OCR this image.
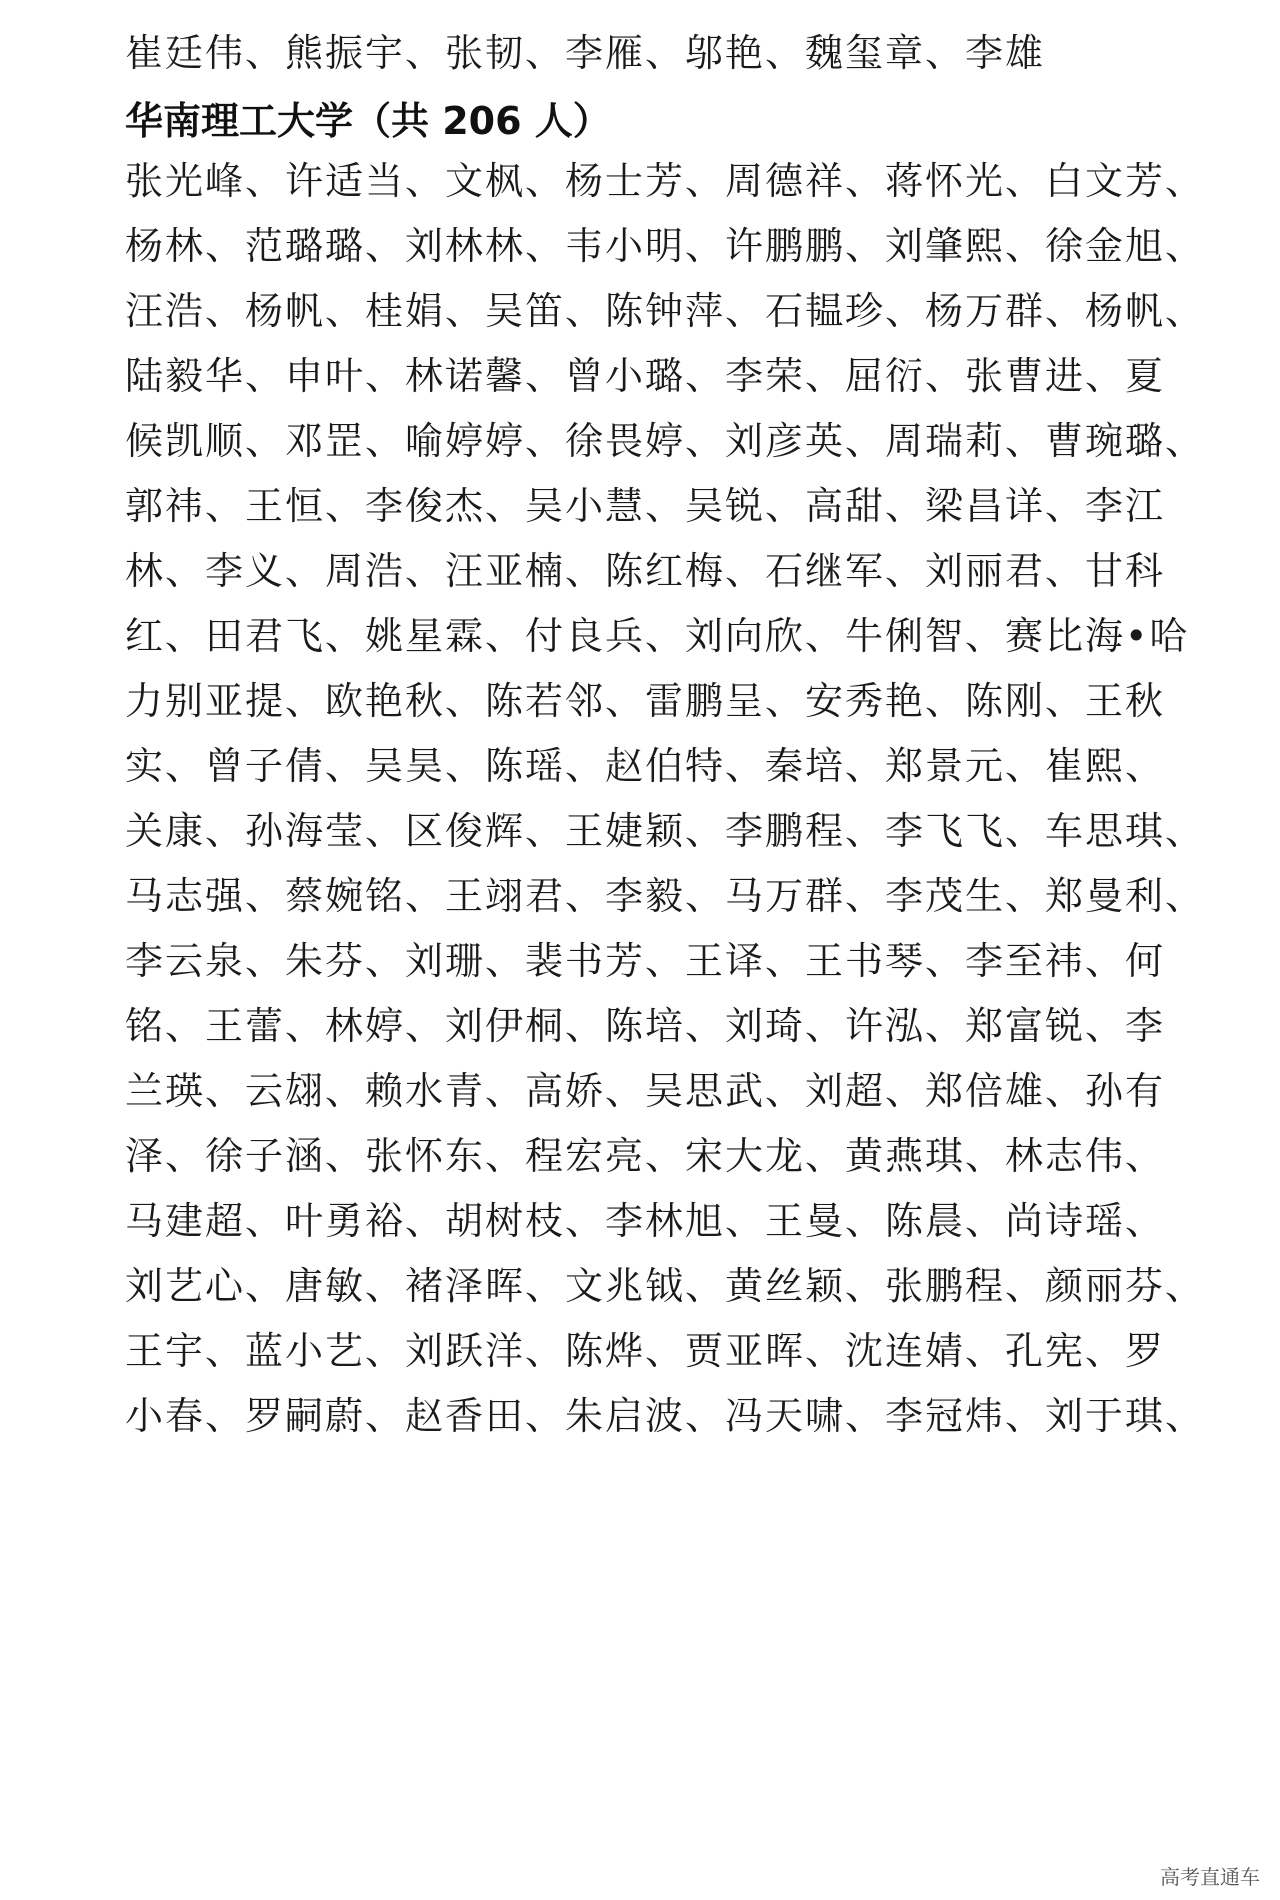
崔廷伟、熊振宇、张韧、李雁、邬艳、魏玺章、李雄
华南理工大学（共 206 人）
张光峰、许适当、文枫、杨士芳、周德祥、蒋怀光、白文芳、
杨林、范璐璐、刘林林、韦小明、许鹏鹏、刘肇熙、徐金旭、
汪浩、杨帆、桂娟、吴笛、陈钟萍、石韫珍、杨万群、杨帆、
陆毅华、申叶、林诺馨、曾小璐、李荣、屈衍、张曹进、夏
候凯顺、邓罡、喻婷婷、徐畏婷、刘彦英、周瑞莉、曹琬璐、
郭祎、王恒、李俊杰、吴小慧、吴锐、高甜、梁昌详、李江
林、李义、周浩、汪亚楠、陈红梅、石继军、刘丽君、甘科
红、田君飞、姚星霖、付良兵、刘向欣、牛俐智、赛比海•哈
力别亚提、欧艳秋、陈若邻、雷鹏呈、安秀艳、陈刚、王秋
实、曾子倩、吴昊、陈瑶、赵伯特、秦培、郑景元、崔熙、
关康、孙海莹、区俊辉、王婕颖、李鹏程、李飞飞、车思琪、
马志强、蔡婉铭、王翊君、李毅、马万群、李茂生、郑曼利、
李云泉、朱芬、刘珊、裴书芳、王译、王书琴、李至祎、何
铭、王蕾、林婷、刘伊桐、陈培、刘琦、许泓、郑富锐、李
兰瑛、云翃、赖水青、高娇、吴思武、刘超、郑倍雄、孙有
泽、徐子涵、张怀东、程宏亮、宋大龙、黄燕琪、林志伟、
马建超、叶勇裕、胡树枝、李林旭、王曼、陈晨、尚诗瑶、
刘艺心、唐敏、褚泽晖、文兆钺、黄丝颖、张鹏程、颜丽芬、
王宇、蓝小艺、刘跃洋、陈烨、贾亚晖、沈连婧、孔宪、罗
小春、罗嗣蔚、赵香田、朱启波、冯天啸、李冠炜、刘于琪、
高考直通车
